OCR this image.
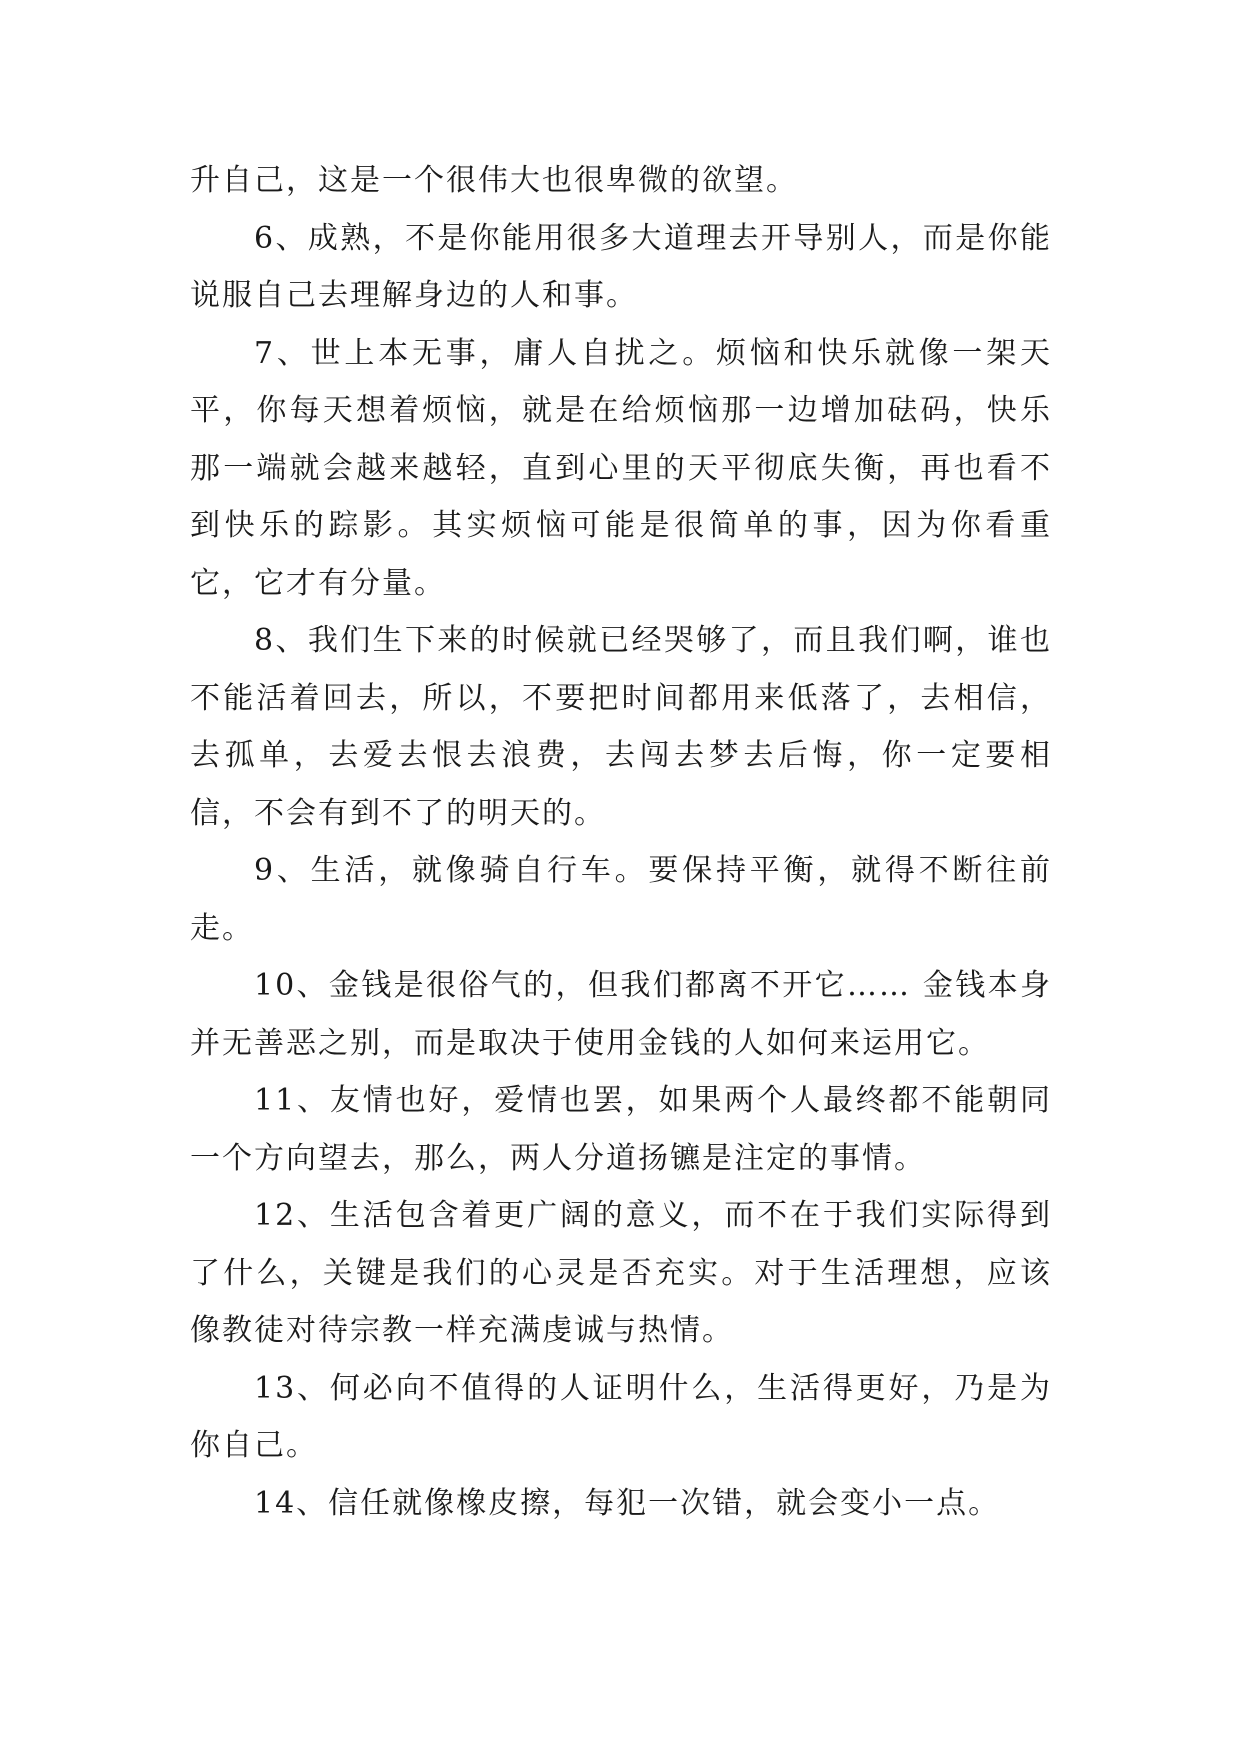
升自己，这是一个很伟大也很卑微的欲望。

6、成熟，不是你能用很多大道理去开导别人，而是你能说服自己去理解身边的人和事。

7、世上本无事，庸人自扰之。烦恼和快乐就像一架天平，你每天想着烦恼，就是在给烦恼那一边增加砝码，快乐那一端就会越来越轻，直到心里的天平彻底失衡，再也看不到快乐的踪影。其实烦恼可能是很简单的事，因为你看重它，它才有分量。

8、我们生下来的时候就已经哭够了，而且我们啊，谁也不能活着回去，所以，不要把时间都用来低落了，去相信，去孤单，去爱去恨去浪费，去闯去梦去后悔，你一定要相信，不会有到不了的明天的。

9、生活，就像骑自行车。要保持平衡，就得不断往前走。

10、金钱是很俗气的，但我们都离不开它…… 金钱本身并无善恶之别，而是取决于使用金钱的人如何来运用它。

11、友情也好，爱情也罢，如果两个人最终都不能朝同一个方向望去，那么，两人分道扬镳是注定的事情。

12、生活包含着更广阔的意义，而不在于我们实际得到了什么，关键是我们的心灵是否充实。对于生活理想，应该像教徒对待宗教一样充满虔诚与热情。

13、何必向不值得的人证明什么，生活得更好，乃是为你自己。

14、信任就像橡皮擦，每犯一次错，就会变小一点。
